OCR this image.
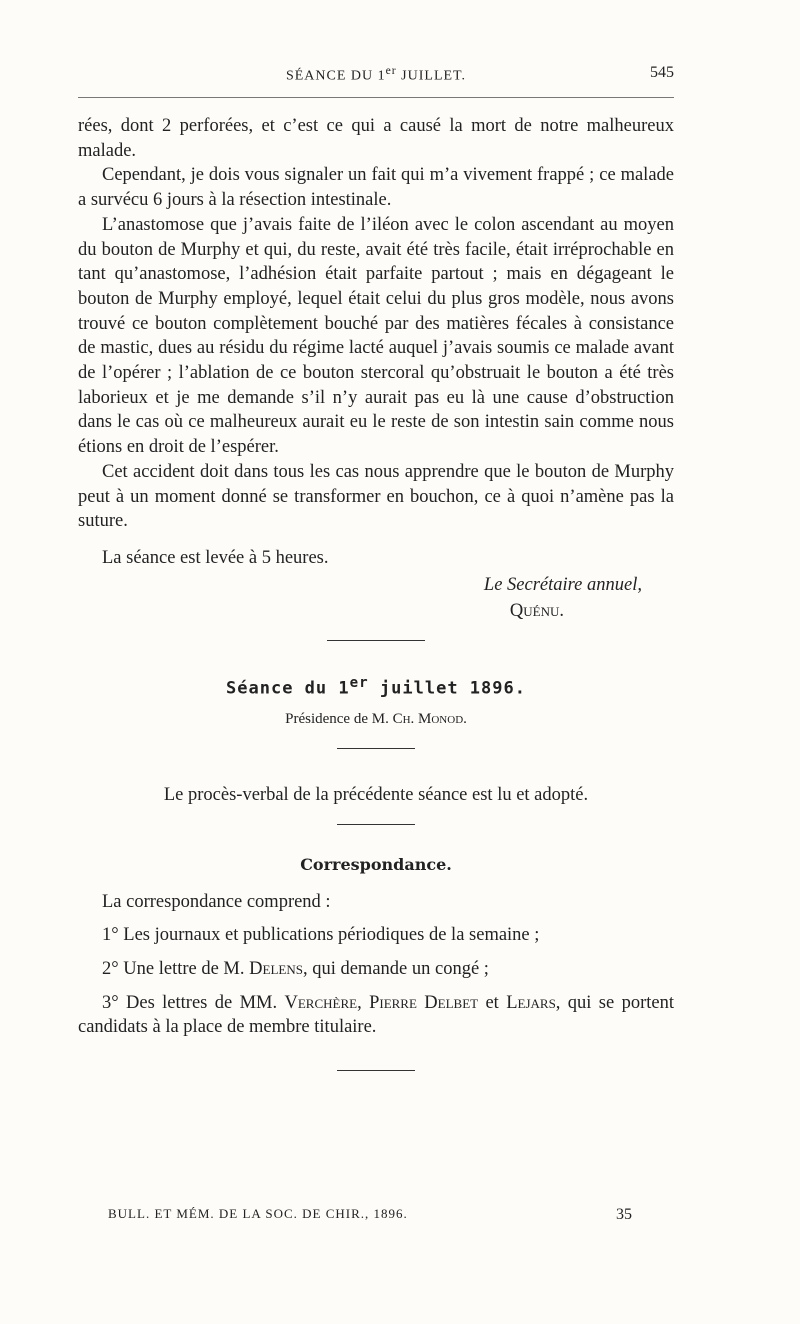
SÉANCE DU 1er JUILLET.	545

rées, dont 2 perforées, et c’est ce qui a causé la mort de notre malheureux malade.

Cependant, je dois vous signaler un fait qui m’a vivement frappé ; ce malade a survécu 6 jours à la résection intestinale.

L’anastomose que j’avais faite de l’iléon avec le colon ascendant au moyen du bouton de Murphy et qui, du reste, avait été très facile, était irréprochable en tant qu’anastomose, l’adhésion était parfaite partout ; mais en dégageant le bouton de Murphy employé, lequel était celui du plus gros modèle, nous avons trouvé ce bouton complètement bouché par des matières fécales à consistance de mastic, dues au résidu du régime lacté auquel j’avais soumis ce malade avant de l’opérer ; l’ablation de ce bouton stercoral qu’obstruait le bouton a été très laborieux et je me demande s’il n’y aurait pas eu là une cause d’obstruction dans le cas où ce malheureux aurait eu le reste de son intestin sain comme nous étions en droit de l’espérer.

Cet accident doit dans tous les cas nous apprendre que le bouton de Murphy peut à un moment donné se transformer en bouchon, ce à quoi n’amène pas la suture.

La séance est levée à 5 heures.

Le Secrétaire annuel,

Quénu.

Séance du 1er juillet 1896.

Présidence de M. Ch. Monod.

Le procès-verbal de la précédente séance est lu et adopté.

Correspondance.

La correspondance comprend :

1° Les journaux et publications périodiques de la semaine ;

2° Une lettre de M. Delens, qui demande un congé ;

3° Des lettres de MM. Verchère, Pierre Delbet et Lejars, qui se portent candidats à la place de membre titulaire.

BULL. ET MÉM. DE LA SOC. DE CHIR., 1896.	35
